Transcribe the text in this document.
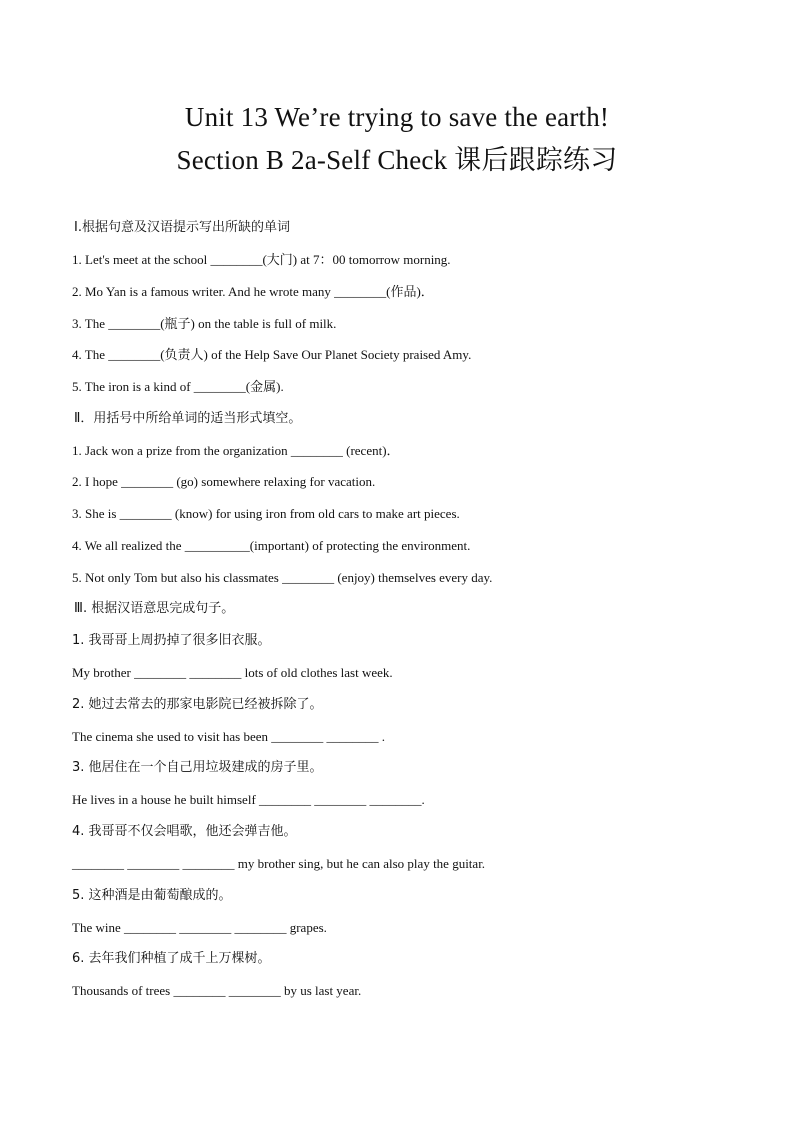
Unit 13 We’re trying to save the earth!
Section B 2a-Self Check 课后跟踪练习
Ⅰ.根据句意及汉语提示写出所缺的单词
1. Let's meet at the school ________(大门) at 7：00 tomorrow morning.
2. Mo Yan is a famous writer. And he wrote many ________(作品)．
3. The ________(瓶子) on the table is full of milk.
4. The ________(负责人) of the Help Save Our Planet Society praised Amy.
5. The iron is a kind of ________(金属).
Ⅱ．用括号中所给单词的适当形式填空。
1. Jack won a prize from the organization ________ (recent)．
2. I hope ________ (go) somewhere relaxing for vacation.
3. She is ________ (know) for using iron from old cars to make art pieces.
4. We all realized the __________(important) of protecting the environment.
5. Not only Tom but also his classmates ________ (enjoy) themselves every day.
Ⅲ. 根据汉语意思完成句子。
1. 我哥哥上周扔掉了很多旧衣服。
My brother ________ ________ lots of old clothes last week.
2. 她过去常去的那家电影院已经被拆除了。
The cinema she used to visit has been ________ ________ .
3. 他居住在一个自己用垃圾建成的房子里。
He lives in a house he built himself ________ ________ ________.
4. 我哥哥不仅会唱歌，他还会弹吉他。
________ ________ ________ my brother sing, but he can also play the guitar.
5. 这种酒是由葡萄酿成的。
The wine ________ ________ ________ grapes.
6. 去年我们种植了成千上万棵树。
Thousands of trees ________ ________ by us last year.
